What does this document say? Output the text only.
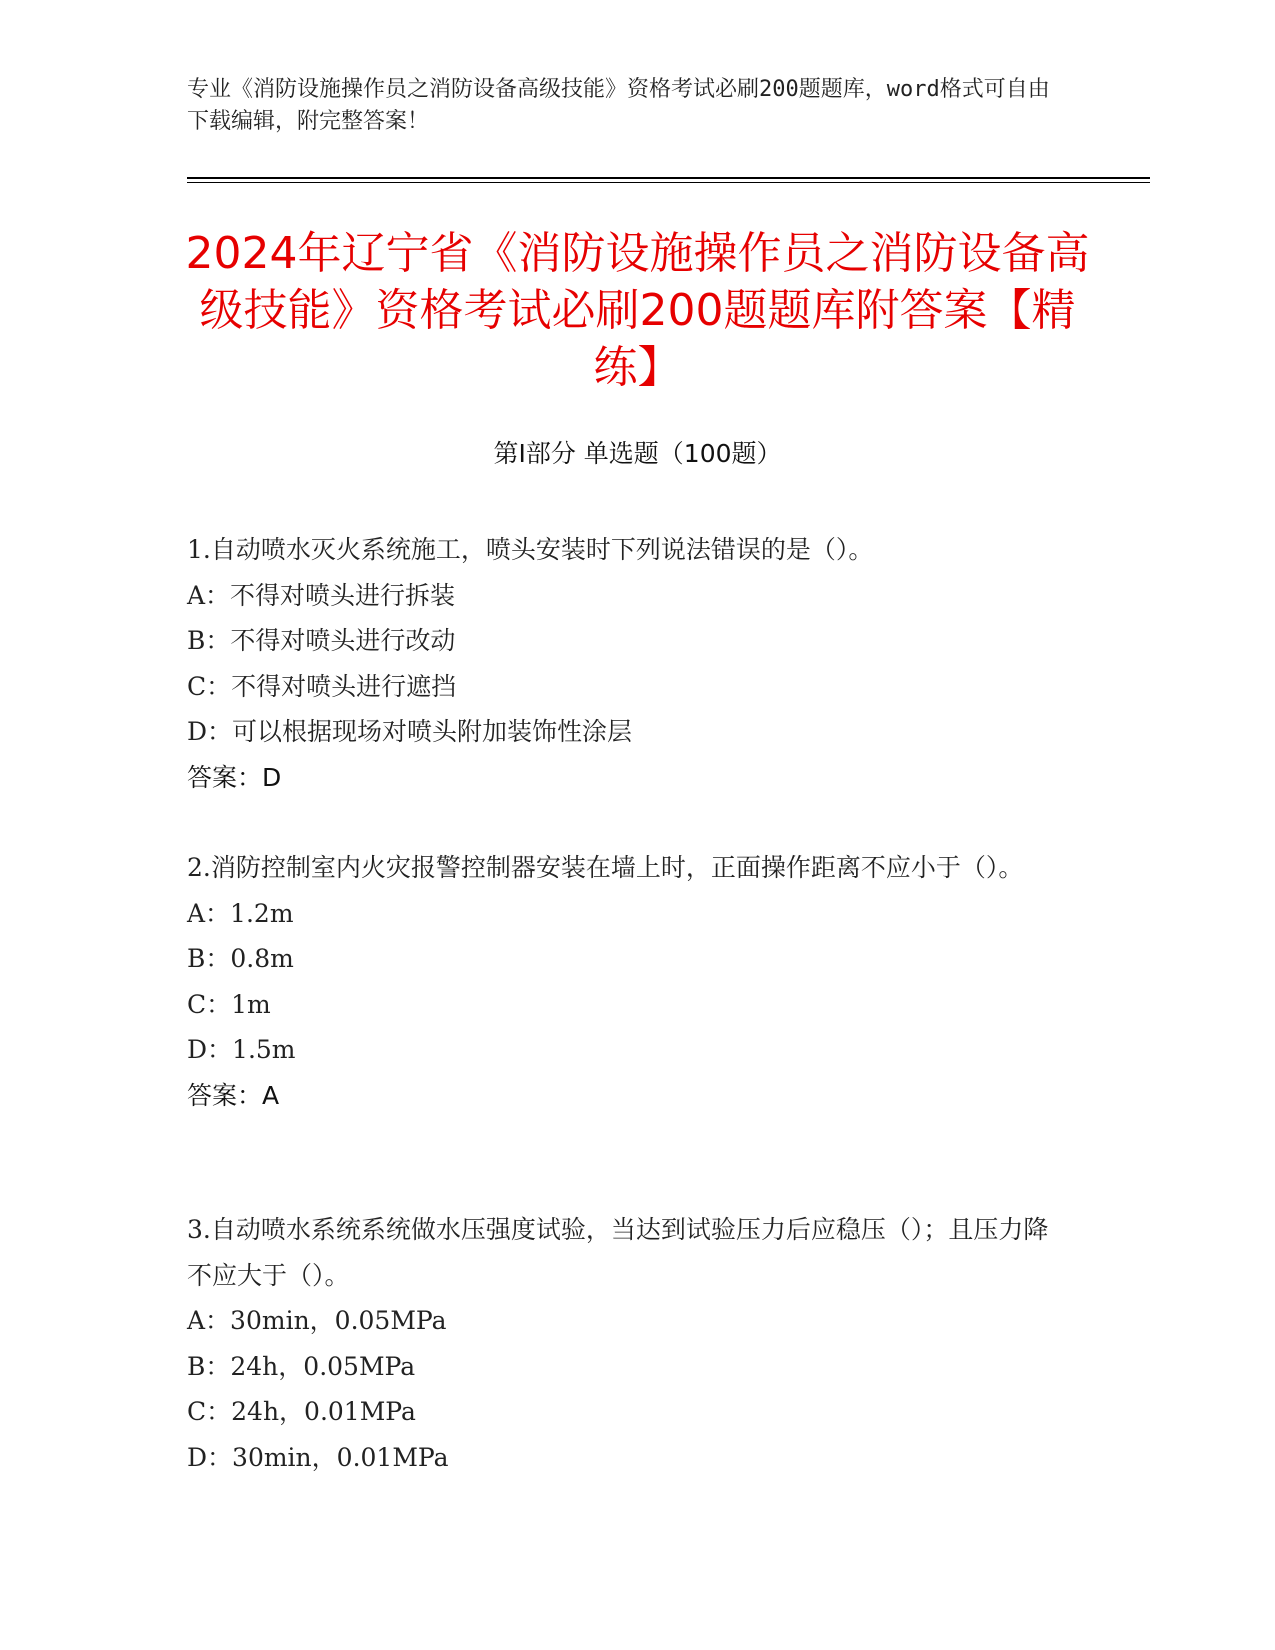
专业《消防设施操作员之消防设备高级技能》资格考试必刷200题题库，word格式可自由下载编辑，附完整答案！
2024年辽宁省《消防设施操作员之消防设备高级技能》资格考试必刷200题题库附答案【精练】
第Ⅰ部分 单选题（100题）
1.自动喷水灭火系统施工，喷头安装时下列说法错误的是（）。
A：不得对喷头进行拆装
B：不得对喷头进行改动
C：不得对喷头进行遮挡
D：可以根据现场对喷头附加装饰性涂层
答案：D
2.消防控制室内火灾报警控制器安装在墙上时，正面操作距离不应小于（）。
A：1.2m
B：0.8m
C：1m
D：1.5m
答案：A
3.自动喷水系统系统做水压强度试验，当达到试验压力后应稳压（）；且压力降不应大于（）。
A：30min，0.05MPa
B：24h，0.05MPa
C：24h，0.01MPa
D：30min，0.01MPa
